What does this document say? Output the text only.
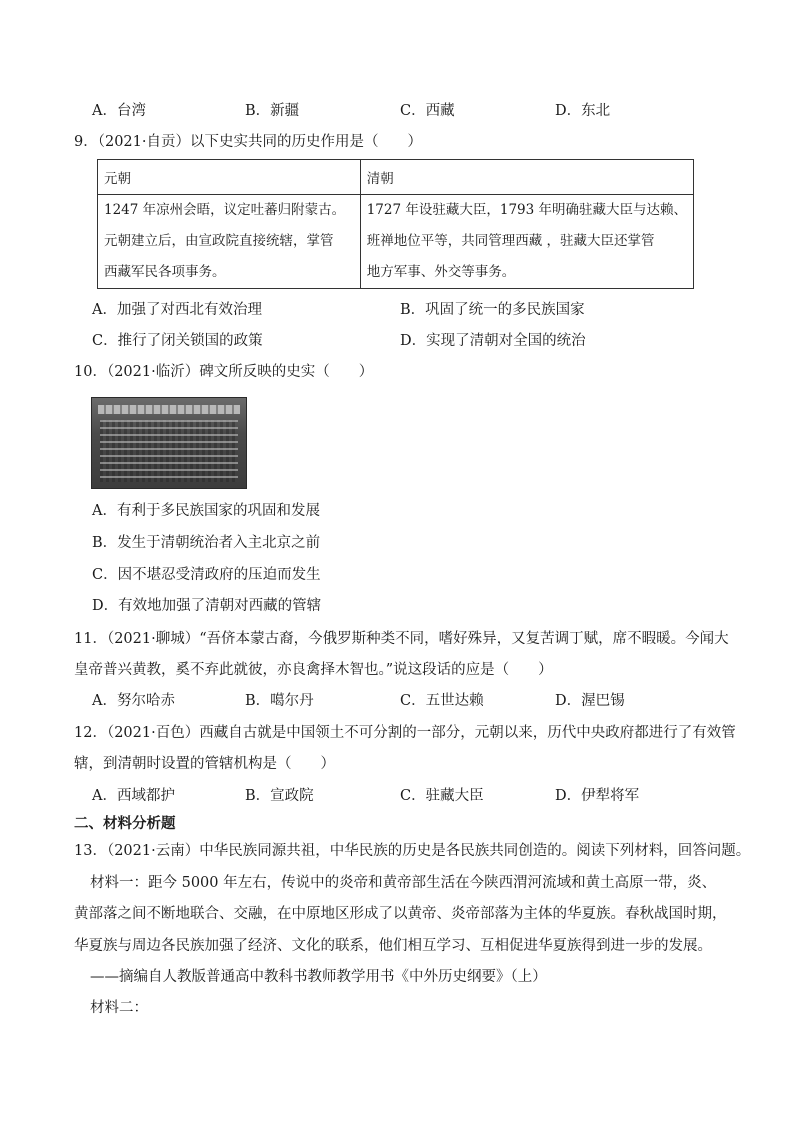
A．台湾	B．新疆	C．西藏	D．东北
9．（2021·自贡）以下史实共同的历史作用是（　　）
元朝	清朝

1247 年凉州会晤，议定吐蕃归附蒙古。
元朝建立后，由宣政院直接统辖，掌管
西藏军民各项事务。	1727 年设驻藏大臣，1793 年明确驻藏大臣与达赖、
班禅地位平等，共同管理西藏 ，驻藏大臣还掌管
地方军事、外交等事务。
A．加强了对西北有效治理	B．巩固了统一的多民族国家
C．推行了闭关锁国的政策	D．实现了清朝对全国的统治
10．（2021·临沂）碑文所反映的史实（　　）
A．有利于多民族国家的巩固和发展
B．发生于清朝统治者入主北京之前
C．因不堪忍受清政府的压迫而发生
D．有效地加强了清朝对西藏的管辖
11．（2021·聊城）“吾侪本蒙古裔，今俄罗斯种类不同，嗜好殊异，又复苦调丁赋，席不暇暖。今闻大
皇帝普兴黄教，奚不弃此就彼，亦良禽择木智也。”说这段话的应是（　　）
A．努尔哈赤	B．噶尔丹	C．五世达赖	D．渥巴锡
12．（2021·百色）西藏自古就是中国领土不可分割的一部分，元朝以来，历代中央政府都进行了有效管
辖，到清朝时设置的管辖机构是（　　）
A．西域都护	B．宣政院	C．驻藏大臣	D．伊犁将军
二、材料分析题
13．（2021·云南）中华民族同源共祖，中华民族的历史是各民族共同创造的。阅读下列材料，回答问题。
材料一：距今 5000 年左右，传说中的炎帝和黄帝部生活在今陕西渭河流域和黄土高原一带，炎、
黄部落之间不断地联合、交融，在中原地区形成了以黄帝、炎帝部落为主体的华夏族。春秋战国时期，
华夏族与周边各民族加强了经济、文化的联系，他们相互学习、互相促进华夏族得到进一步的发展。
——摘编自人教版普通高中教科书教师教学用书《中外历史纲要》（上）
材料二：
